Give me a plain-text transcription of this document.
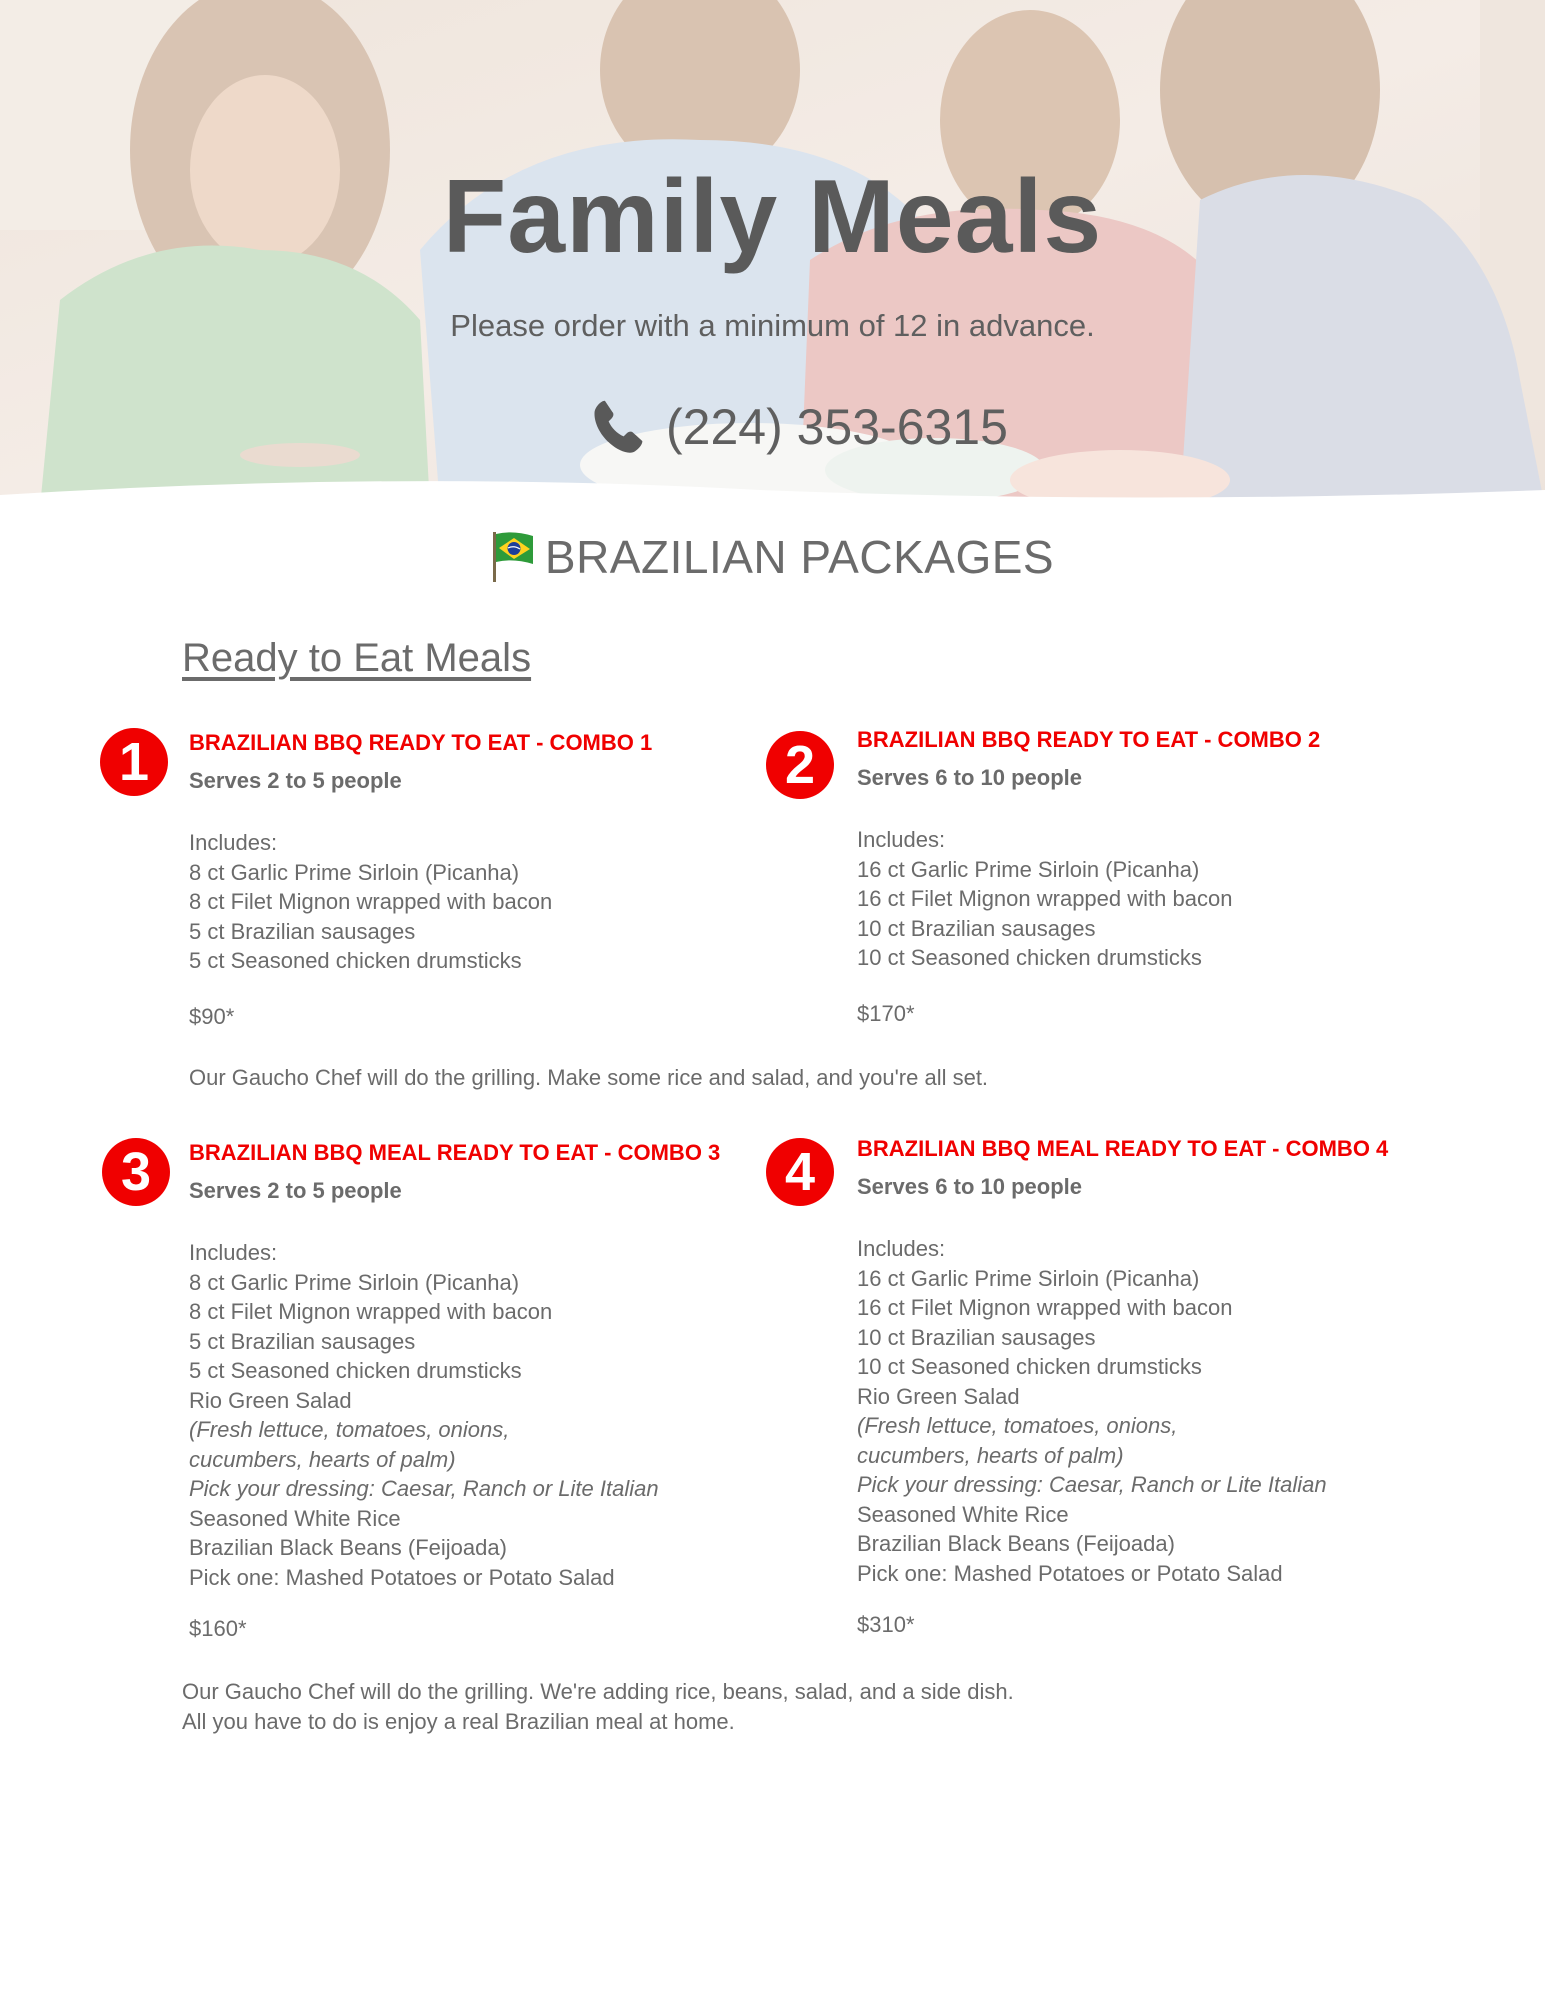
Family Meals
Please order with a minimum of 12 in advance.
(224) 353-6315
BRAZILIAN PACKAGES
Ready to Eat Meals
1	BRAZILIAN BBQ READY TO EAT - COMBO 1
Serves 2 to 5 people
Includes:
8 ct Garlic Prime Sirloin (Picanha)
8 ct Filet Mignon wrapped with bacon
5 ct Brazilian sausages
5 ct Seasoned chicken drumsticks
$90*
2	BRAZILIAN BBQ READY TO EAT - COMBO 2
Serves 6 to 10 people
Includes:
16 ct Garlic Prime Sirloin (Picanha)
16 ct Filet Mignon wrapped with bacon
10 ct Brazilian sausages
10 ct Seasoned chicken drumsticks
$170*
Our Gaucho Chef will do the grilling. Make some rice and salad, and you're all set.
3	BRAZILIAN BBQ MEAL READY TO EAT - COMBO 3
Serves 2 to 5 people
Includes:
8 ct Garlic Prime Sirloin (Picanha)
8 ct Filet Mignon wrapped with bacon
5 ct Brazilian sausages
5 ct Seasoned chicken drumsticks
Rio Green Salad
(Fresh lettuce, tomatoes, onions,
cucumbers, hearts of palm)
Pick your dressing: Caesar, Ranch or Lite Italian
Seasoned White Rice
Brazilian Black Beans (Feijoada)
Pick one: Mashed Potatoes or Potato Salad
$160*
4	BRAZILIAN BBQ MEAL READY TO EAT - COMBO 4
Serves 6 to 10 people
Includes:
16 ct Garlic Prime Sirloin (Picanha)
16 ct Filet Mignon wrapped with bacon
10 ct Brazilian sausages
10 ct Seasoned chicken drumsticks
Rio Green Salad
(Fresh lettuce, tomatoes, onions,
cucumbers, hearts of palm)
Pick your dressing: Caesar, Ranch or Lite Italian
Seasoned White Rice
Brazilian Black Beans (Feijoada)
Pick one: Mashed Potatoes or Potato Salad
$310*
Our Gaucho Chef will do the grilling. We're adding rice, beans, salad, and a side dish.
All you have to do is enjoy a real Brazilian meal at home.
